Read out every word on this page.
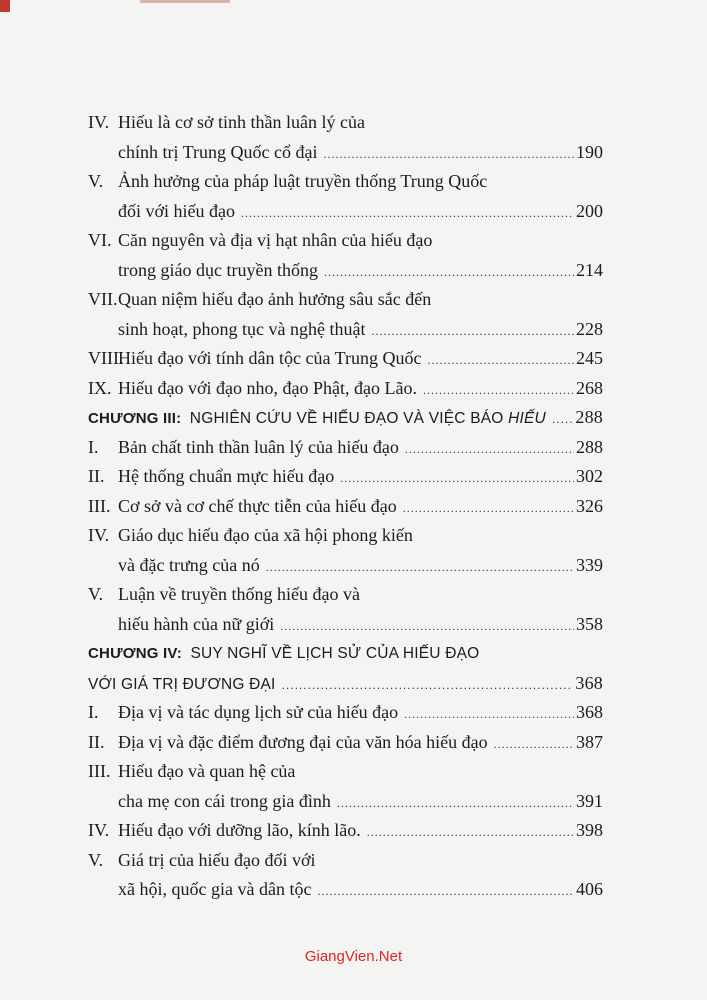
IV. Hiếu là cơ sở tinh thần luân lý của
chính trị Trung Quốc cổ đại .....	190
V. Ảnh hưởng của pháp luật truyền thống Trung Quốc
đối với hiếu đạo .....	200
VI. Căn nguyên và địa vị hạt nhân của hiếu đạo
trong giáo dục truyền thống .....	214
VII. Quan niệm hiếu đạo ảnh hưởng sâu sắc đến
sinh hoạt, phong tục và nghệ thuật .....	228
VIII.
Hiếu đạo với tính dân tộc của Trung Quốc .....	245
IX. Hiếu đạo với đạo nho, đạo Phật, đạo Lão. .....	268
CHƯƠNG III: NGHIÊN CỨU VỀ HIẾU ĐẠO VÀ VIỆC BÁO HIẾU ..... 288
I.	Bản chất tinh thần luân lý của hiếu đạo .....	288
II. Hệ thống chuẩn mực hiếu đạo .....	302
III. Cơ sở và cơ chế thực tiễn của hiếu đạo .....	326
IV. Giáo dục hiếu đạo của xã hội phong kiến
và đặc trưng của nó .....	339
V. Luận về truyền thống hiếu đạo và
hiếu hành của nữ giới .....	358
CHƯƠNG IV: SUY NGHĨ VỀ LỊCH SỬ CỦA HIẾU ĐẠO
VỚI GIÁ TRỊ ĐƯƠNG ĐẠI .....	368
I.	Địa vị và tác dụng lịch sử của hiếu đạo .....	368
II. Địa vị và đặc điểm đương đại của văn hóa hiếu đạo .....	387
III. Hiếu đạo và quan hệ của
cha mẹ con cái trong gia đình .....	391
IV. Hiếu đạo với dưỡng lão, kính lão. .....	398
V. Giá trị của hiếu đạo đối với
xã hội, quốc gia và dân tộc .....	406
GiangVien.Net
